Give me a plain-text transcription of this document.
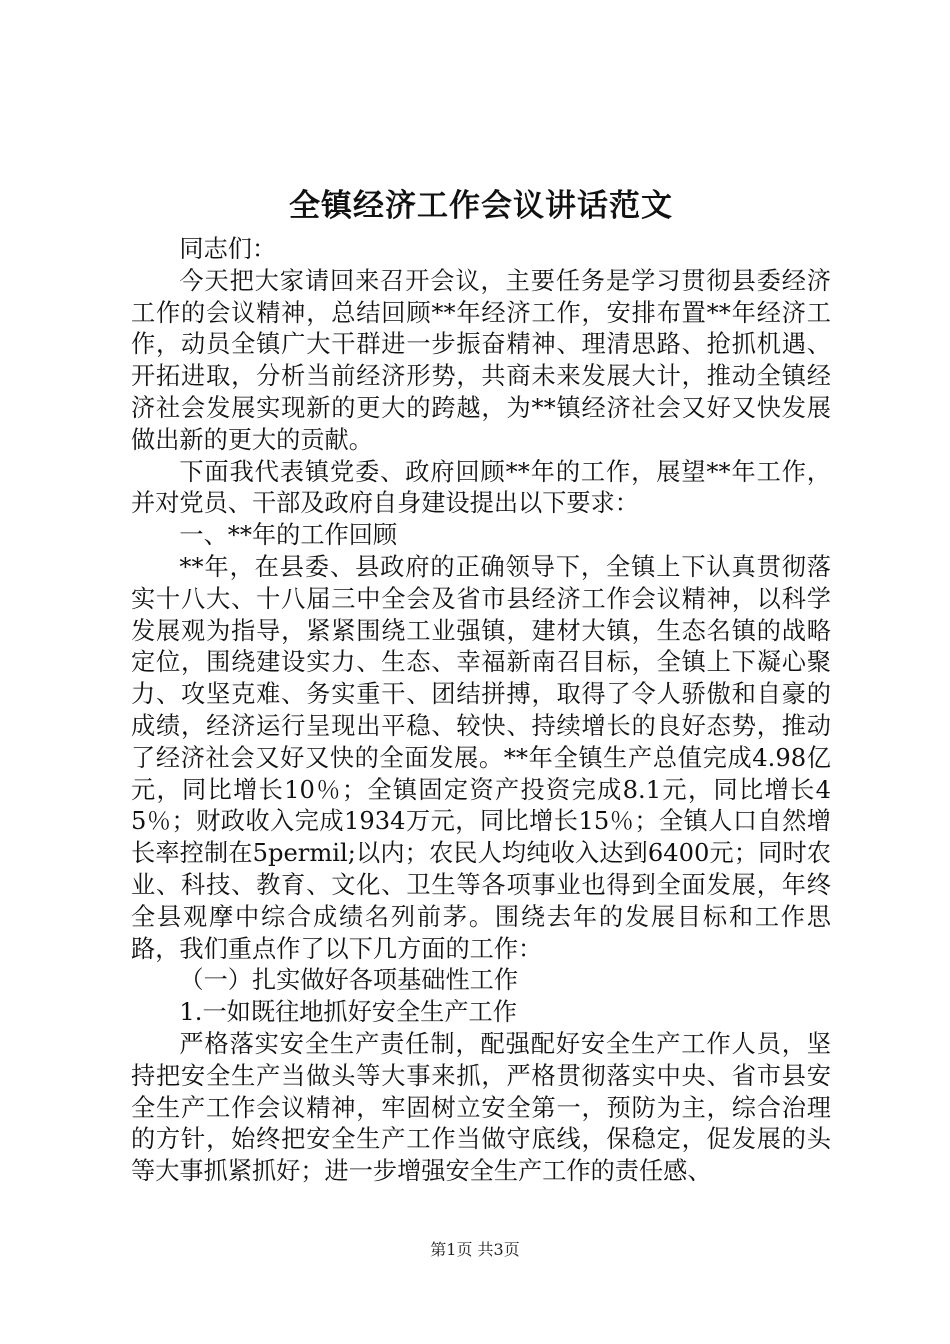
全镇经济工作会议讲话范文

同志们：

今天把大家请回来召开会议，主要任务是学习贯彻县委经济工作的会议精神，总结回顾**年经济工作，安排布置**年经济工作，动员全镇广大干群进一步振奋精神、理清思路、抢抓机遇、开拓进取，分析当前经济形势，共商未来发展大计，推动全镇经济社会发展实现新的更大的跨越，为**镇经济社会又好又快发展做出新的更大的贡献。

下面我代表镇党委、政府回顾**年的工作，展望**年工作，并对党员、干部及政府自身建设提出以下要求：

一、**年的工作回顾

**年，在县委、县政府的正确领导下，全镇上下认真贯彻落实十八大、十八届三中全会及省市县经济工作会议精神，以科学发展观为指导，紧紧围绕工业强镇，建材大镇，生态名镇的战略定位，围绕建设实力、生态、幸福新南召目标，全镇上下凝心聚力、攻坚克难、务实重干、团结拼搏，取得了令人骄傲和自豪的成绩，经济运行呈现出平稳、较快、持续增长的良好态势，推动了经济社会又好又快的全面发展。**年全镇生产总值完成4.98亿元，同比增长10％；全镇固定资产投资完成8.1元，同比增长45％；财政收入完成1934万元，同比增长15％；全镇人口自然增长率控制在5permil;以内；农民人均纯收入达到6400元；同时农业、科技、教育、文化、卫生等各项事业也得到全面发展，年终全县观摩中综合成绩名列前茅。围绕去年的发展目标和工作思路，我们重点作了以下几方面的工作：

（一）扎实做好各项基础性工作

1.一如既往地抓好安全生产工作

严格落实安全生产责任制，配强配好安全生产工作人员，坚持把安全生产当做头等大事来抓，严格贯彻落实中央、省市县安全生产工作会议精神，牢固树立安全第一，预防为主，综合治理的方针，始终把安全生产工作当做守底线，保稳定，促发展的头等大事抓紧抓好；进一步增强安全生产工作的责任感、

第1页 共3页
